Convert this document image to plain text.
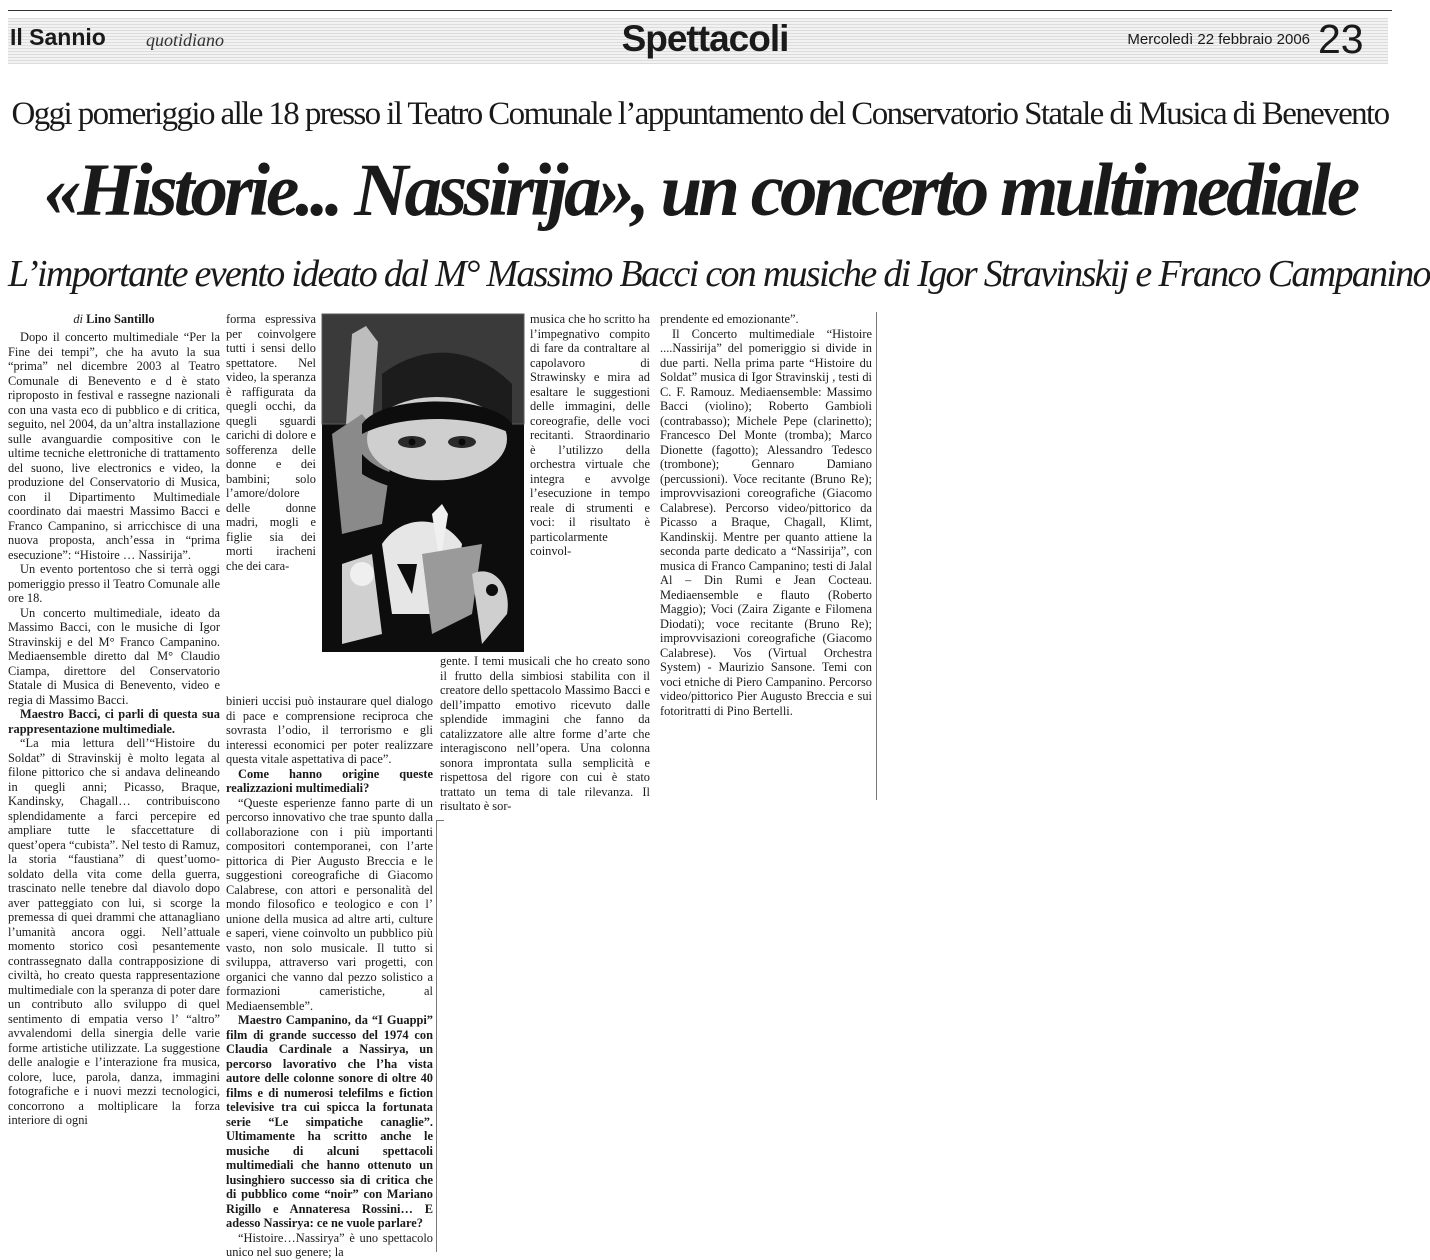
Il Sannio quotidiano	Spettacoli	Mercoledì 22 febbraio 2006 23
Oggi pomeriggio alle 18 presso il Teatro Comunale l’appuntamento del Conservatorio Statale di Musica di Benevento
«Historie... Nassirija», un concerto multimediale
L’importante evento ideato dal M° Massimo Bacci con musiche di Igor Stravinskij e Franco Campanino
di Lino Santillo

Dopo il concerto multimediale “Per la Fine dei tempi”, che ha avuto la sua “prima” nel dicembre 2003 al Teatro Comunale di Benevento e d è stato riproposto in festival e rassegne nazionali con una vasta eco di pubblico e di critica, seguito, nel 2004, da un’altra installazione sulle avanguardie compositive con le ultime tecniche elettroniche di trattamento del suono, live electronics e video, la produzione del Conservatorio di Musica, con il Dipartimento Multimediale coordinato dai maestri Massimo Bacci e Franco Campanino, si arricchisce di una nuova proposta, anch’essa in “prima esecuzione”: “Histoire … Nassirija”.

Un evento portentoso che si terrà oggi pomeriggio presso il Teatro Comunale alle ore 18.

Un concerto multimediale, ideato da Massimo Bacci, con le musiche di Igor Stravinskij e del M° Franco Campanino. Mediaensemble diretto dal M° Claudio Ciampa, direttore del Conservatorio Statale di Musica di Benevento, video e regia di Massimo Bacci.

Maestro Bacci, ci parli di questa sua rappresentazione multimediale.

“La mia lettura dell’“Histoire du Soldat” di Stravinskij è molto legata al filone pittorico che si andava delineando in quegli anni; Picasso, Braque, Kandinsky, Chagall… contribuiscono splendidamente a farci percepire ed ampliare tutte le sfaccettature di quest’opera “cubista”. Nel testo di Ramuz, la storia “faustiana” di quest’uomo-soldato della vita come della guerra, trascinato nelle tenebre dal diavolo dopo aver patteggiato con lui, si scorge la premessa di quei drammi che attanagliano l’umanità ancora oggi. Nell’attuale momento storico così pesantemente contrassegnato dalla contrapposizione di civiltà, ho creato questa rappresentazione multimediale con la speranza di poter dare un contributo allo sviluppo di quel sentimento di empatia verso l’ “altro” avvalendomi della sinergia delle varie forme artistiche utilizzate. La suggestione delle analogie e l’interazione fra musica, colore, luce, parola, danza, immagini fotografiche e i nuovi mezzi tecnologici, concorrono a moltiplicare la forza interiore di ogni

forma espressiva per coinvolgere tutti i sensi dello spettatore. Nel video, la speranza è raffigurata da quegli occhi, da quegli sguardi carichi di dolore e sofferenza delle donne e dei bambini; solo l’amore/dolore delle donne madri, mogli e figlie sia dei morti iracheni che dei cara-

binieri uccisi può instaurare quel dialogo di pace e comprensione reciproca che sovrasta l’odio, il terrorismo e gli interessi economici per poter realizzare questa vitale aspettativa di pace”.

Come hanno origine queste realizzazioni multimediali?

“Queste esperienze fanno parte di un percorso innovativo che trae spunto dalla collaborazione con i più importanti compositori contemporanei, con l’arte pittorica di Pier Augusto Breccia e le suggestioni coreografiche di Giacomo Calabrese, con attori e personalità del mondo filosofico e teologico e con l’ unione della musica ad altre arti, culture e saperi, viene coinvolto un pubblico più vasto, non solo musicale. Il tutto si sviluppa, attraverso vari progetti, con organici che vanno dal pezzo solistico a formazioni cameristiche, al Mediaensemble”.

Maestro Campanino, da “I Guappi” film di grande successo del 1974 con Claudia Cardinale a Nassirya, un percorso lavorativo che l’ha vista autore delle colonne sonore di oltre 40 films e di numerosi telefilms e fiction televisive tra cui spicca la fortunata serie “Le simpatiche canaglie”. Ultimamente ha scritto anche le musiche di alcuni spettacoli multimediali che hanno ottenuto un lusinghiero successo sia di critica che di pubblico come “noir” con Mariano Rigillo e Annateresa Rossini… E adesso Nassirya: ce ne vuole parlare?

“Histoire…Nassirya” è uno spettacolo unico nel suo genere; la

musica che ho scritto ha l’impegnativo compito di fare da contraltare al capolavoro di Strawinsky e mira ad esaltare le suggestioni delle immagini, delle coreografie, delle voci recitanti. Straordinario è l’utilizzo della orchestra virtuale che integra e avvolge l’esecuzione in tempo reale di strumenti e voci: il risultato è particolarmente coinvol-

gente. I temi musicali che ho creato sono il frutto della simbiosi stabilita con il creatore dello spettacolo Massimo Bacci e dell’impatto emotivo ricevuto dalle splendide immagini che fanno da catalizzatore alle altre forme d’arte che interagiscono nell’opera. Una colonna sonora improntata sulla semplicità e rispettosa del rigore con cui è stato trattato un tema di tale rilevanza. Il risultato è sor-

prendente ed emozionante”.

Il Concerto multimediale “Histoire ....Nassirija” del pomeriggio si divide in due parti. Nella prima parte “Histoire du Soldat” musica di Igor Stravinskij , testi di C. F. Ramouz. Mediaensemble: Massimo Bacci (violino); Roberto Gambioli (contrabasso); Michele Pepe (clarinetto); Francesco Del Monte (tromba); Marco Dionette (fagotto); Alessandro Tedesco (trombone); Gennaro Damiano (percussioni). Voce recitante (Bruno Re); improvvisazioni coreografiche (Giacomo Calabrese). Percorso video/pittorico da Picasso a Braque, Chagall, Klimt, Kandinskij. Mentre per quanto attiene la seconda parte dedicato a “Nassirija”, con musica di Franco Campanino; testi di Jalal Al – Din Rumi e Jean Cocteau. Mediaensemble e flauto (Roberto Maggio); Voci (Zaira Zigante e Filomena Diodati); voce recitante (Bruno Re); improvvisazioni coreografiche (Giacomo Calabrese). Vos (Virtual Orchestra System) - Maurizio Sansone. Temi con voci etniche di Piero Campanino. Percorso video/pittorico Pier Augusto Breccia e sui fotoritratti di Pino Bertelli.
